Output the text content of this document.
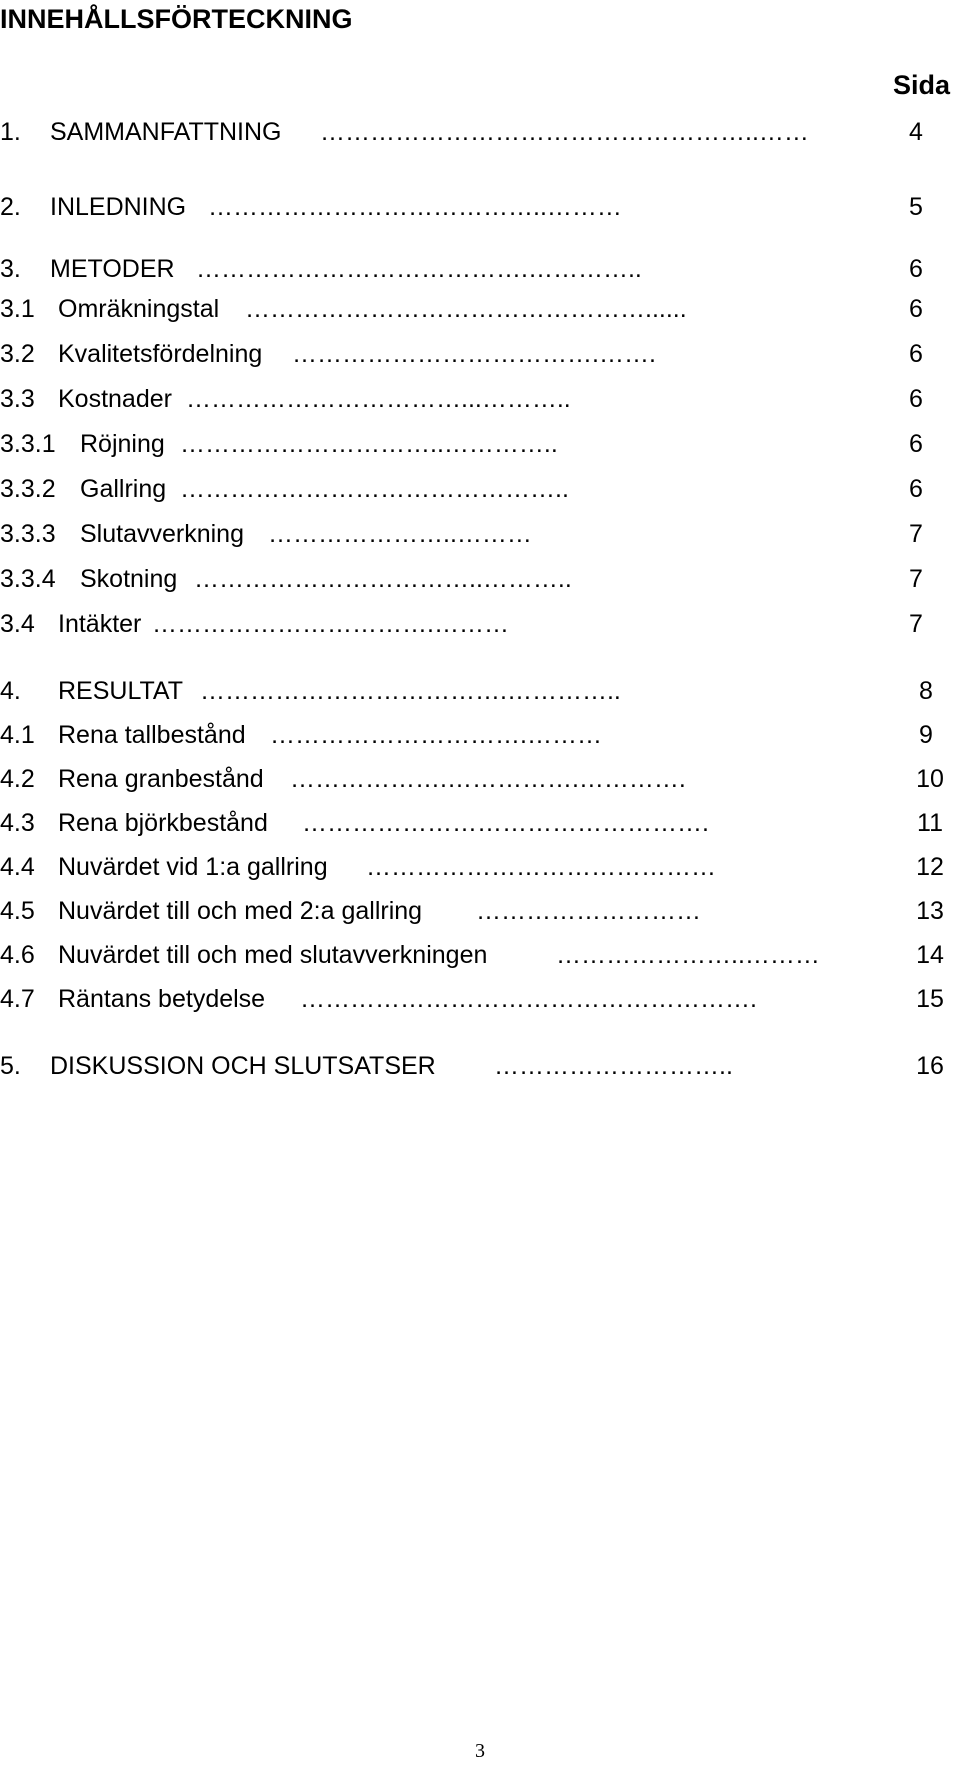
INNEHÅLLSFÖRTECKNING
Sida
1. SAMMANFATTNING ……………………………………………..……	4
2. INLEDNING …………………………………..………	5
3. METODER ………………………………….…………..	6
3.1 Omräkningstal …………………………………………......	6
3.2 Kvalitetsfördelning ……………………………….…….	6
3.3 Kostnader ……………………………...………..	6
3.3.1 Röjning …………………………..…………..	6
3.3.2 Gallring ………………………………………..	6
3.3.3 Slutavverkning …………………..………	7
3.3.4 Skotning ……………………………..………..	7
3.4 Intäkter …………………………….………	7
4. RESULTAT ……………………………….…………..	8
4.1 Rena tallbestånd ………………………….………	9
4.2 Rena granbestånd ……………….…………….………….	10
4.3 Rena björkbestånd ………………………………………….	11
4.4 Nuvärdet vid 1:a gallring ……………………………………	12
4.5 Nuvärdet till och med 2:a gallring ………………………	13
4.6 Nuvärdet till och med slutavverkningen	…………………..………	14
4.7 Räntans betydelse ……………………………………………….	15
5. DISKUSSION OCH SLUTSATSER ………………………..	16
3
